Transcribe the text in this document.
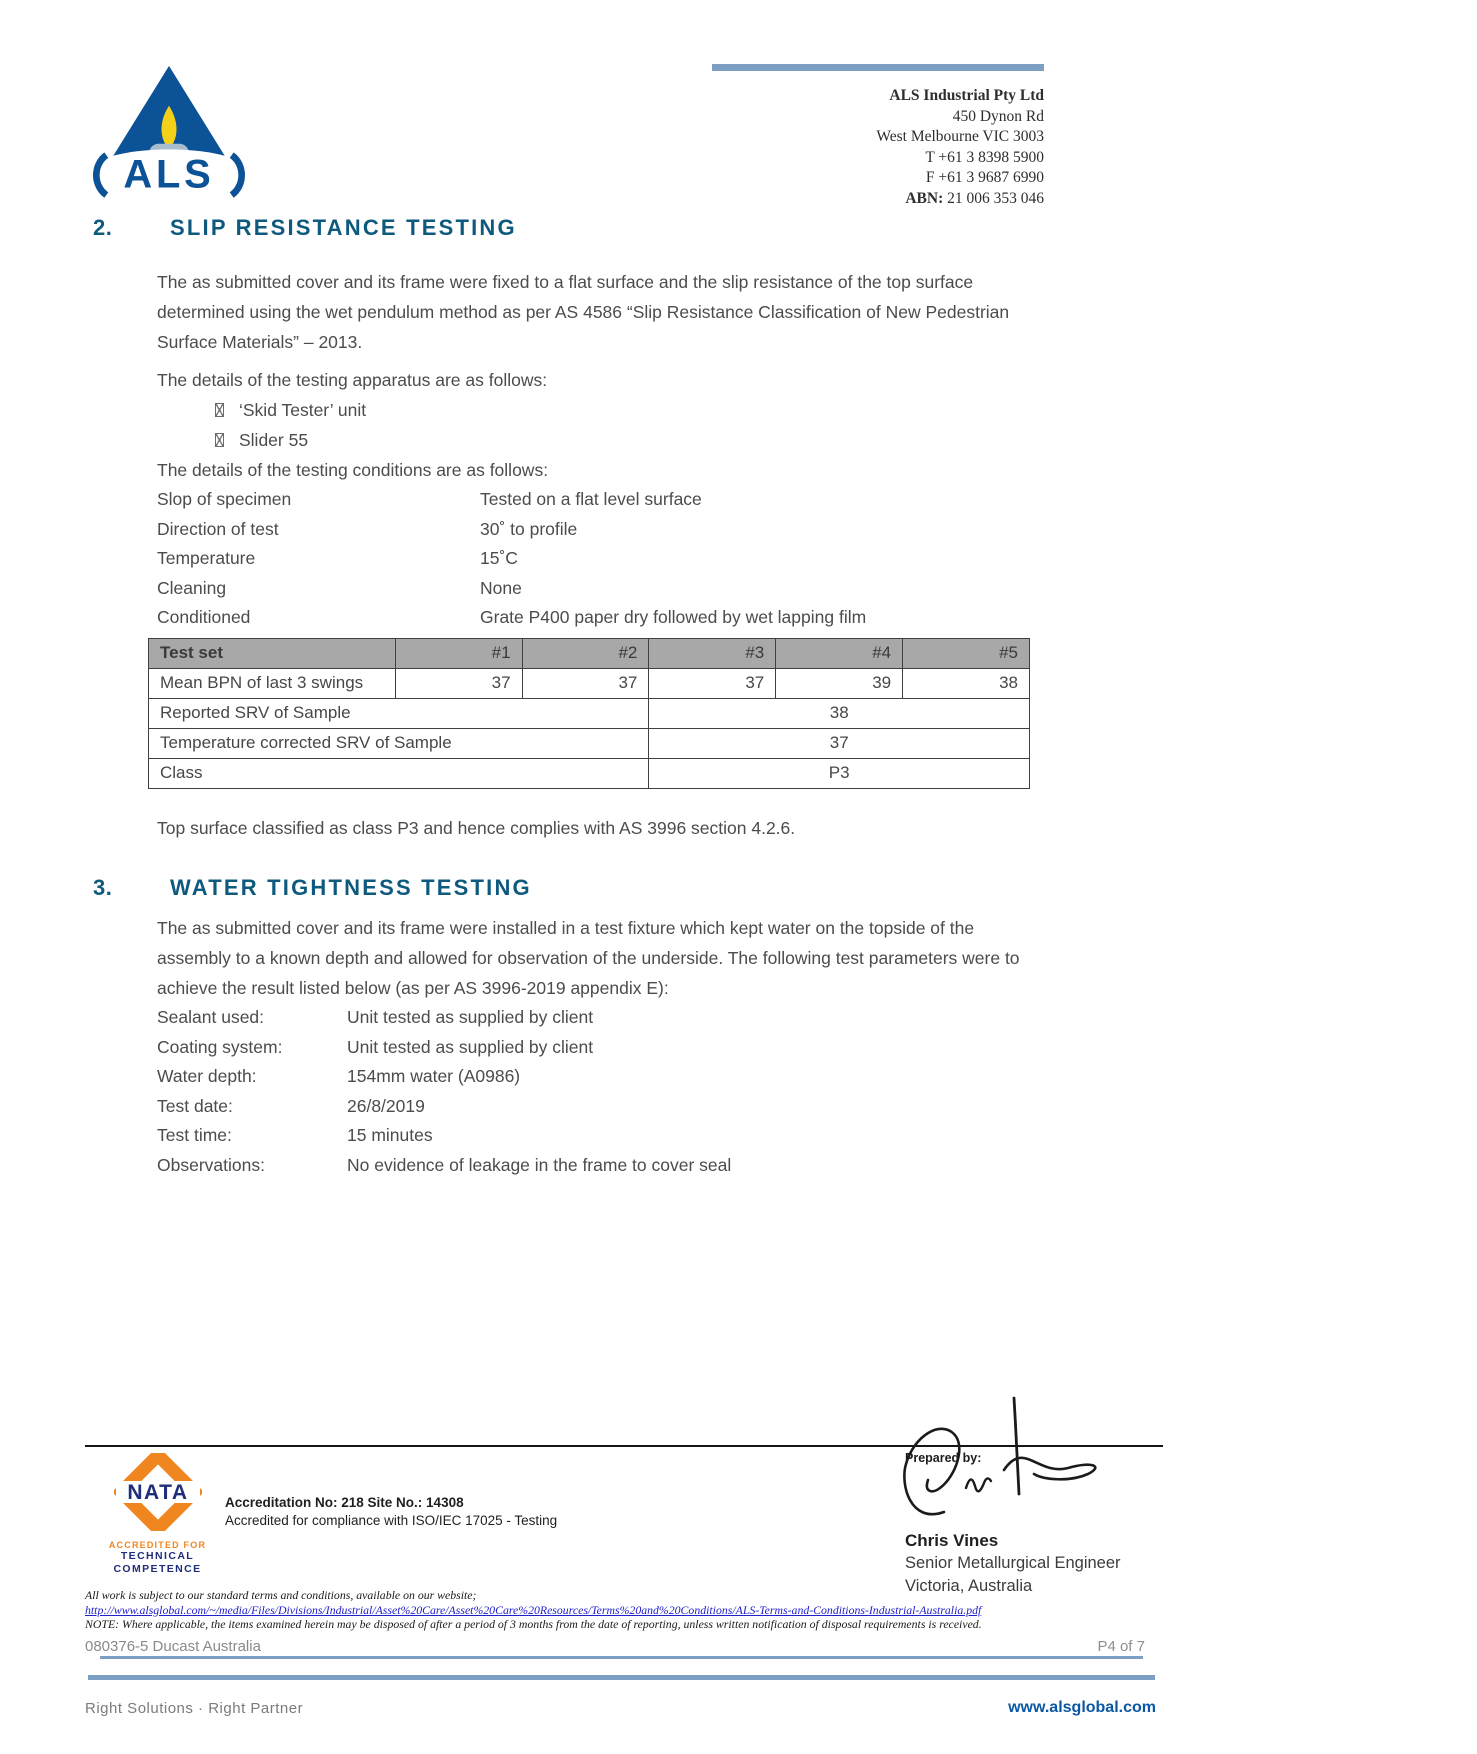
ALS
ALS Industrial Pty Ltd
450 Dynon Rd
West Melbourne VIC 3003
T +61 3 8398 5900
F +61 3 9687 6990
ABN: 21 006 353 046
2.	SLIP RESISTANCE TESTING
The as submitted cover and its frame were fixed to a flat surface and the slip resistance of the top surface determined using the wet pendulum method as per AS 4586 “Slip Resistance Classification of New Pedestrian Surface Materials” – 2013.
The details of the testing apparatus are as follows:
‘Skid Tester’ unit
Slider 55
The details of the testing conditions are as follows:
Slop of specimen	Tested on a flat level surface
Direction of test	30˚ to profile
Temperature	15˚C
Cleaning	None
Conditioned	Grate P400 paper dry followed by wet lapping film
Test set	#1	#2	#3	#4	#5
Mean BPN of last 3 swings	37	37	37	39	38
Reported SRV of Sample			38		
Temperature corrected SRV of Sample			37		
Class			P3		
Top surface classified as class P3 and hence complies with AS 3996 section 4.2.6.
3.	WATER TIGHTNESS TESTING
The as submitted cover and its frame were installed in a test fixture which kept water on the topside of the assembly to a known depth and allowed for observation of the underside. The following test parameters were to achieve the result listed below (as per AS 3996-2019 appendix E):
Sealant used:	Unit tested as supplied by client
Coating system:	Unit tested as supplied by client
Water depth:	154mm water (A0986)
Test date:	26/8/2019
Test time:	15 minutes
Observations:	No evidence of leakage in the frame to cover seal
Prepared by:
Chris Vines
Senior Metallurgical Engineer
Victoria, Australia
NATA
ACCREDITED FOR
TECHNICAL
COMPETENCE
Accreditation No: 218 Site No.: 14308
Accredited for compliance with ISO/IEC 17025 - Testing
All work is subject to our standard terms and conditions, available on our website;
http://www.alsglobal.com/~/media/Files/Divisions/Industrial/Asset%20Care/Asset%20Care%20Resources/Terms%20and%20Conditions/ALS-Terms-and-Conditions-Industrial-Australia.pdf
NOTE: Where applicable, the items examined herein may be disposed of after a period of 3 months from the date of reporting, unless written notification of disposal requirements is received.
080376-5 Ducast Australia	P4 of 7
Right Solutions · Right Partner	www.alsglobal.com
